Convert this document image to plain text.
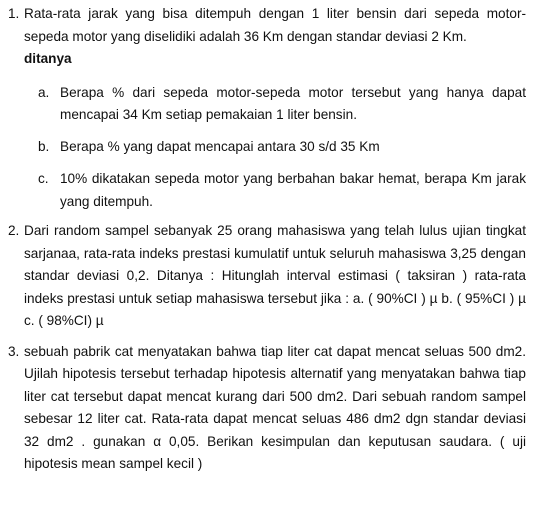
1. Rata-rata jarak yang bisa ditempuh dengan 1 liter bensin dari sepeda motor-sepeda motor yang diselidiki adalah 36 Km dengan standar deviasi 2 Km.
ditanya
a. Berapa % dari sepeda motor-sepeda motor tersebut yang hanya dapat mencapai 34 Km setiap pemakaian 1 liter bensin.
b. Berapa % yang dapat mencapai antara 30 s/d 35 Km
c. 10% dikatakan sepeda motor yang berbahan bakar hemat, berapa Km jarak yang ditempuh.
2. Dari random sampel sebanyak 25 orang mahasiswa yang telah lulus ujian tingkat sarjanaa, rata-rata indeks prestasi kumulatif untuk seluruh mahasiswa 3,25 dengan standar deviasi 0,2. Ditanya : Hitunglah interval estimasi ( taksiran ) rata-rata indeks prestasi untuk setiap mahasiswa tersebut jika : a. ( 90%CI ) µ b. ( 95%CI ) µ c. ( 98%CI) µ
3. sebuah pabrik cat menyatakan bahwa tiap liter cat dapat mencat seluas 500 dm2. Ujilah hipotesis tersebut terhadap hipotesis alternatif yang menyatakan bahwa tiap liter cat tersebut dapat mencat kurang dari 500 dm2. Dari sebuah random sampel sebesar 12 liter cat. Rata-rata dapat mencat seluas 486 dm2 dgn standar deviasi 32 dm2 . gunakan α 0,05. Berikan kesimpulan dan keputusan saudara. ( uji hipotesis mean sampel kecil )
